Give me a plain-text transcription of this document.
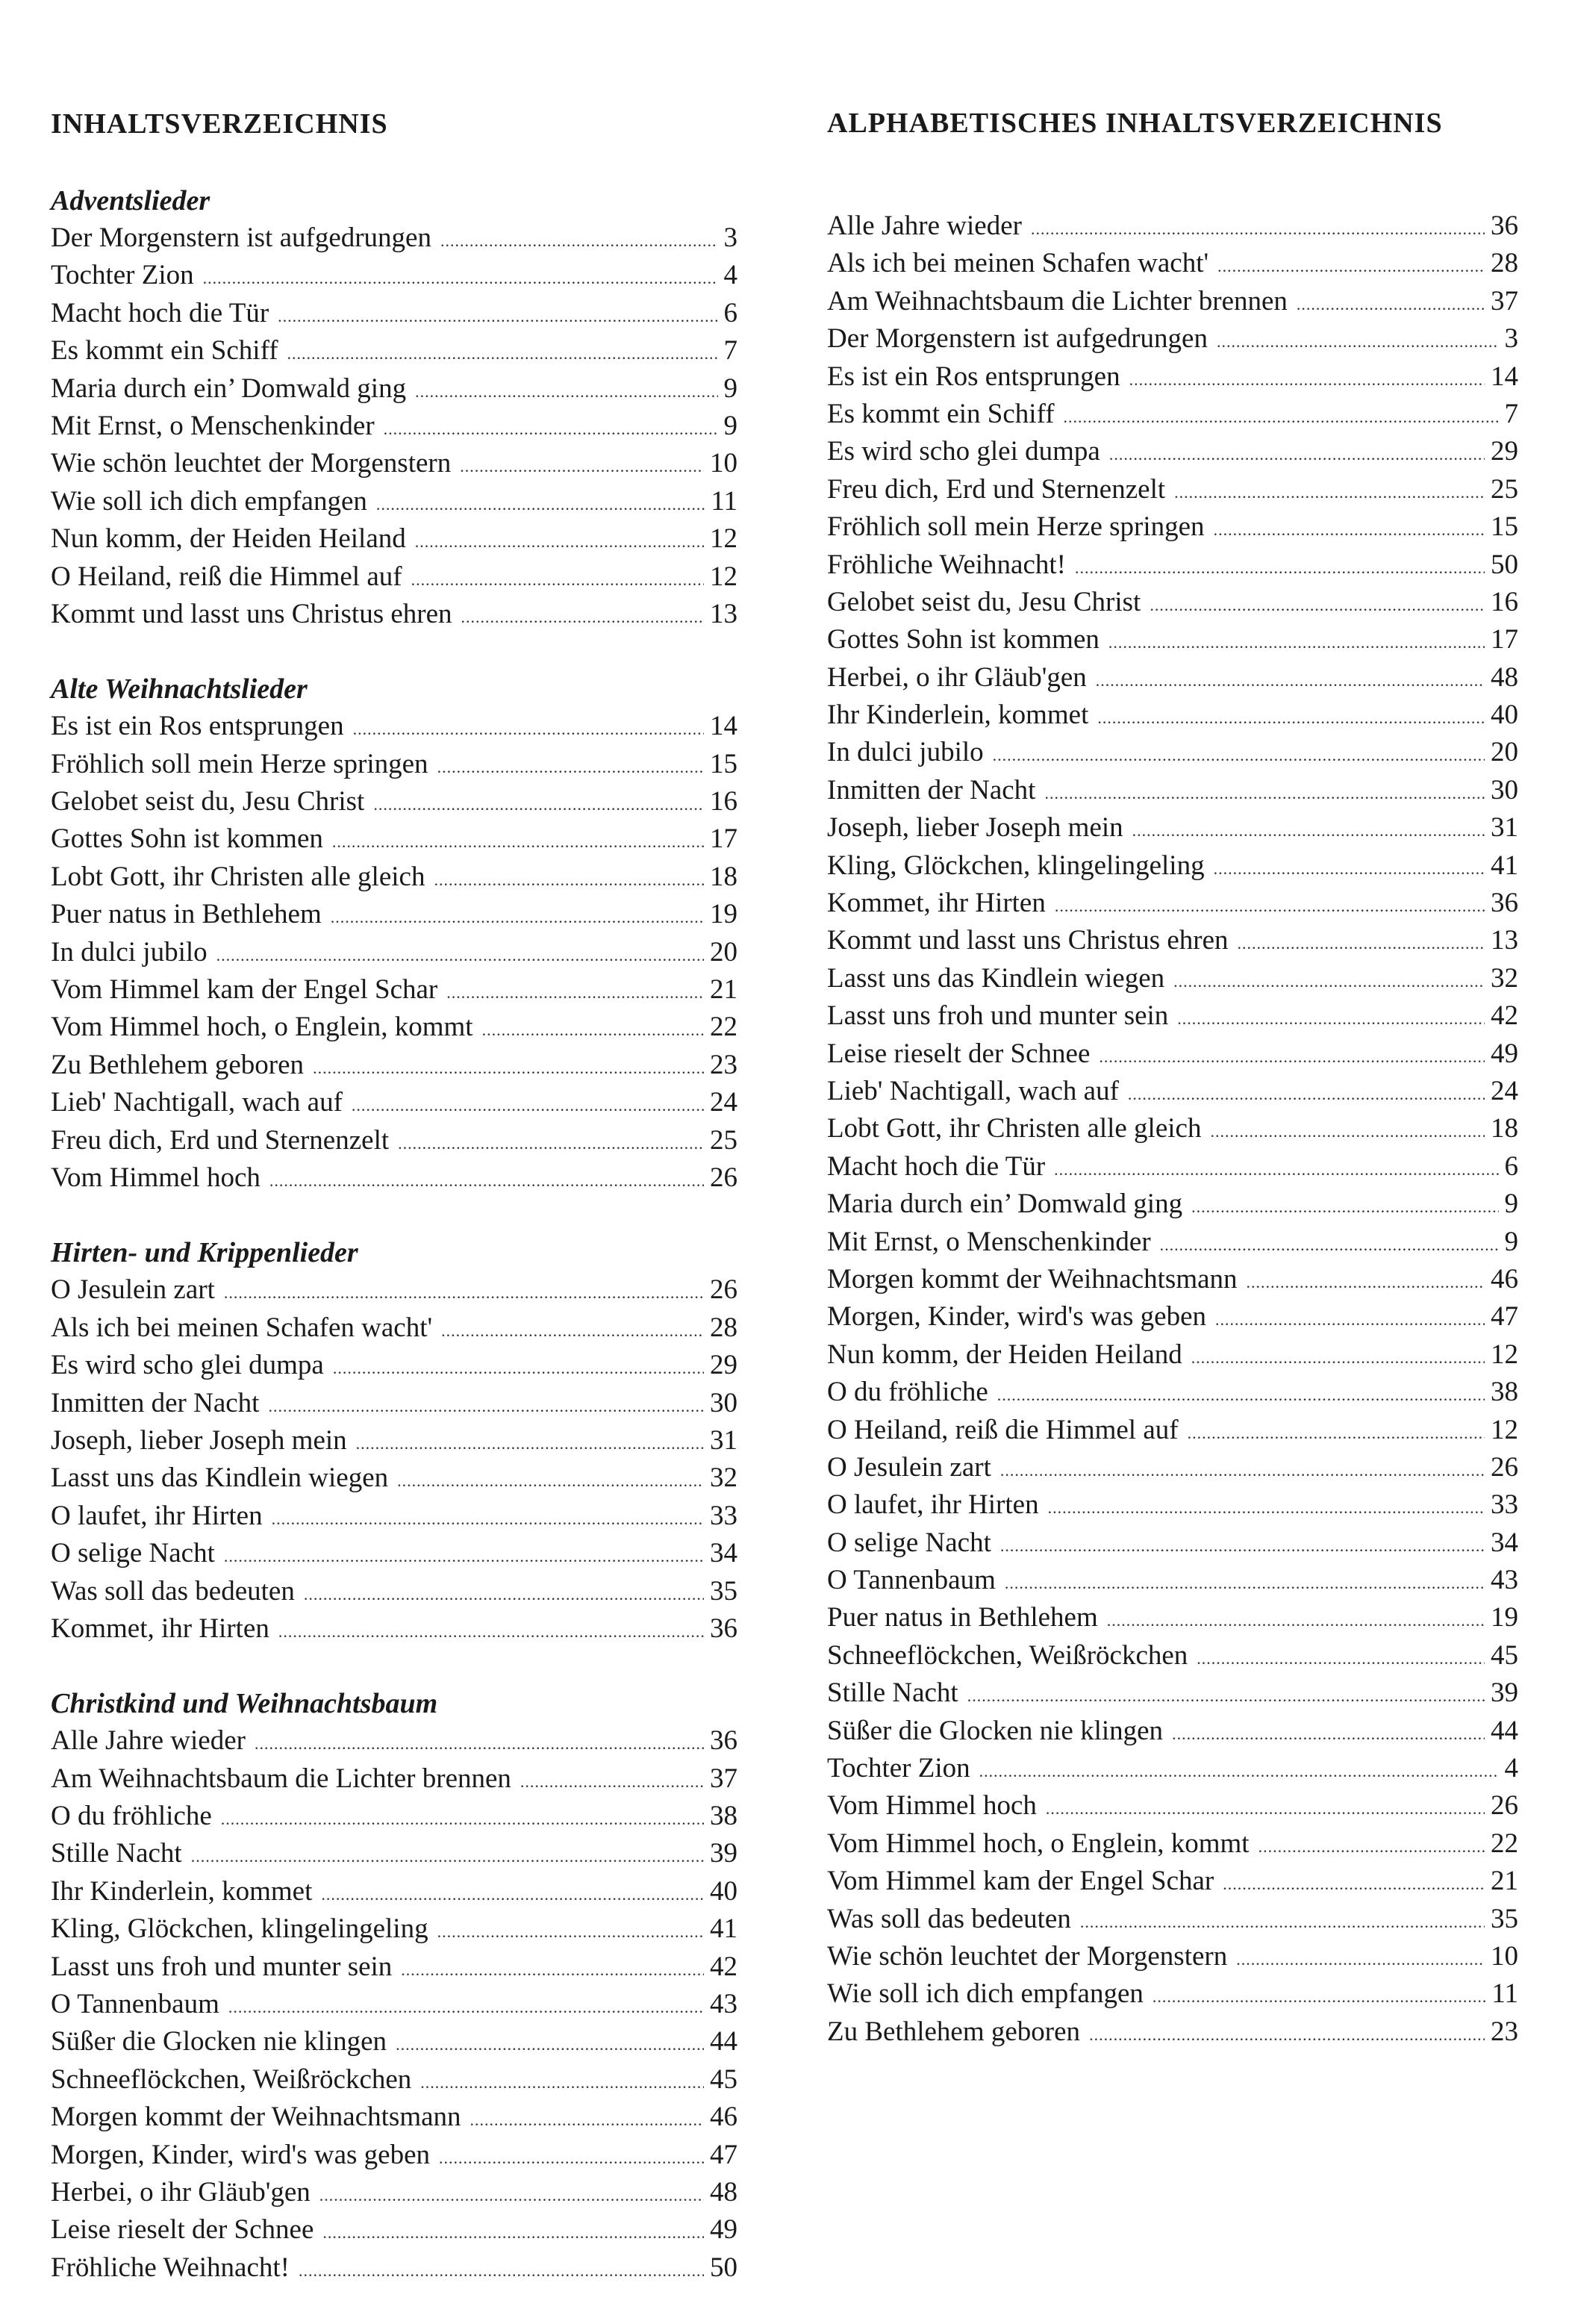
INHALTSVERZEICHNIS
Adventslieder
Der Morgenstern ist aufgedrungen .....	3
Tochter Zion .....	4
Macht hoch die Tür .....	6
Es kommt ein Schiff .....	7
Maria durch ein’ Domwald ging .....	9
Mit Ernst, o Menschenkinder .....	9
Wie schön leuchtet der Morgenstern .....	10
Wie soll ich dich empfangen .....	11
Nun komm, der Heiden Heiland .....	12
O Heiland, reiß die Himmel auf .....	12
Kommt und lasst uns Christus ehren .....	13
Alte Weihnachtslieder
Es ist ein Ros entsprungen .....	14
Fröhlich soll mein Herze springen .....	15
Gelobet seist du, Jesu Christ .....	16
Gottes Sohn ist kommen .....	17
Lobt Gott, ihr Christen alle gleich .....	18
Puer natus in Bethlehem .....	19
In dulci jubilo .....	20
Vom Himmel kam der Engel Schar .....	21
Vom Himmel hoch, o Englein, kommt .....	22
Zu Bethlehem geboren .....	23
Lieb' Nachtigall, wach auf .....	24
Freu dich, Erd und Sternenzelt .....	25
Vom Himmel hoch .....	26
Hirten- und Krippenlieder
O Jesulein zart .....	26
Als ich bei meinen Schafen wacht' .....	28
Es wird scho glei dumpa .....	29
Inmitten der Nacht .....	30
Joseph, lieber Joseph mein .....	31
Lasst uns das Kindlein wiegen .....	32
O laufet, ihr Hirten .....	33
O selige Nacht .....	34
Was soll das bedeuten .....	35
Kommet, ihr Hirten .....	36
Christkind und Weihnachtsbaum
Alle Jahre wieder .....	36
Am Weihnachtsbaum die Lichter brennen .....	37
O du fröhliche .....	38
Stille Nacht .....	39
Ihr Kinderlein, kommet .....	40
Kling, Glöckchen, klingelingeling .....	41
Lasst uns froh und munter sein .....	42
O Tannenbaum .....	43
Süßer die Glocken nie klingen .....	44
Schneeflöckchen, Weißröckchen .....	45
Morgen kommt der Weihnachtsmann .....	46
Morgen, Kinder, wird's was geben .....	47
Herbei, o ihr Gläub'gen .....	48
Leise rieselt der Schnee .....	49
Fröhliche Weihnacht! .....	50
ALPHABETISCHES INHALTSVERZEICHNIS
Alle Jahre wieder .....	36
Als ich bei meinen Schafen wacht' .....	28
Am Weihnachtsbaum die Lichter brennen .....	37
Der Morgenstern ist aufgedrungen .....	3
Es ist ein Ros entsprungen .....	14
Es kommt ein Schiff .....	7
Es wird scho glei dumpa .....	29
Freu dich, Erd und Sternenzelt .....	25
Fröhlich soll mein Herze springen .....	15
Fröhliche Weihnacht! .....	50
Gelobet seist du, Jesu Christ .....	16
Gottes Sohn ist kommen .....	17
Herbei, o ihr Gläub'gen .....	48
Ihr Kinderlein, kommet .....	40
In dulci jubilo .....	20
Inmitten der Nacht .....	30
Joseph, lieber Joseph mein .....	31
Kling, Glöckchen, klingelingeling .....	41
Kommet, ihr Hirten .....	36
Kommt und lasst uns Christus ehren .....	13
Lasst uns das Kindlein wiegen .....	32
Lasst uns froh und munter sein .....	42
Leise rieselt der Schnee .....	49
Lieb' Nachtigall, wach auf .....	24
Lobt Gott, ihr Christen alle gleich .....	18
Macht hoch die Tür .....	6
Maria durch ein’ Domwald ging .....	9
Mit Ernst, o Menschenkinder .....	9
Morgen kommt der Weihnachtsmann .....	46
Morgen, Kinder, wird's was geben .....	47
Nun komm, der Heiden Heiland .....	12
O du fröhliche .....	38
O Heiland, reiß die Himmel auf .....	12
O Jesulein zart .....	26
O laufet, ihr Hirten .....	33
O selige Nacht .....	34
O Tannenbaum .....	43
Puer natus in Bethlehem .....	19
Schneeflöckchen, Weißröckchen .....	45
Stille Nacht .....	39
Süßer die Glocken nie klingen .....	44
Tochter Zion .....	4
Vom Himmel hoch .....	26
Vom Himmel hoch, o Englein, kommt .....	22
Vom Himmel kam der Engel Schar .....	21
Was soll das bedeuten .....	35
Wie schön leuchtet der Morgenstern .....	10
Wie soll ich dich empfangen .....	11
Zu Bethlehem geboren .....	23
